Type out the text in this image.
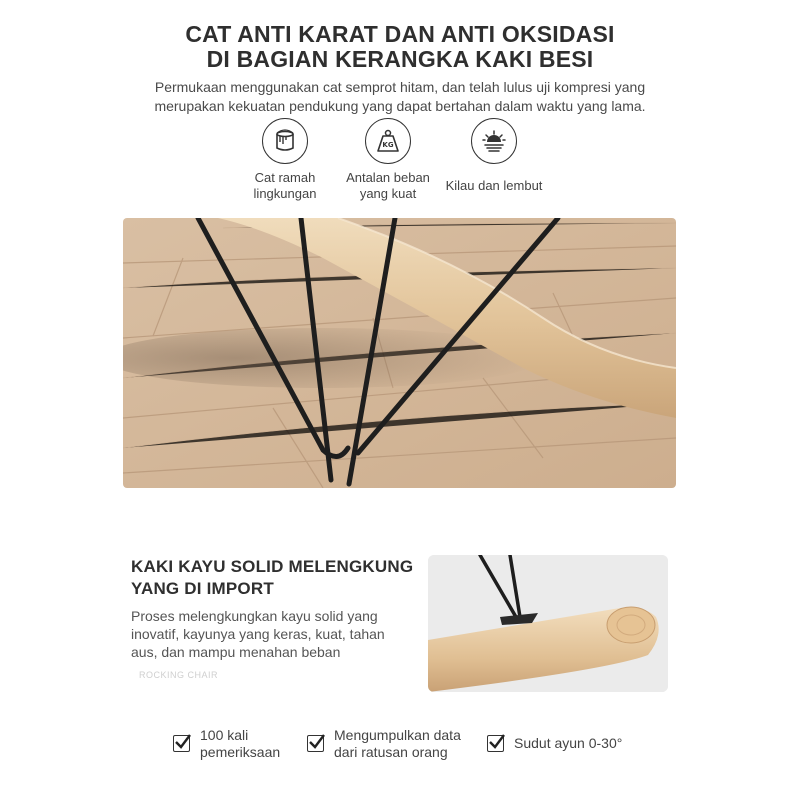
CAT ANTI KARAT DAN ANTI OKSIDASI
DI BAGIAN KERANGKA KAKI BESI
Permukaan menggunakan cat semprot hitam, dan telah lulus uji kompresi yang
merupakan kekuatan pendukung yang dapat bertahan dalam waktu yang lama.
Cat ramah
lingkungan
KG
Antalan beban
yang kuat
Kilau dan lembut
KAKI KAYU SOLID MELENGKUNG
YANG DI IMPORT
Proses melengkungkan kayu solid yang
inovatif, kayunya yang keras, kuat, tahan
aus, dan mampu menahan beban
ROCKING CHAIR
100 kali
pemeriksaan
Mengumpulkan data
dari ratusan orang
Sudut ayun 0-30°
